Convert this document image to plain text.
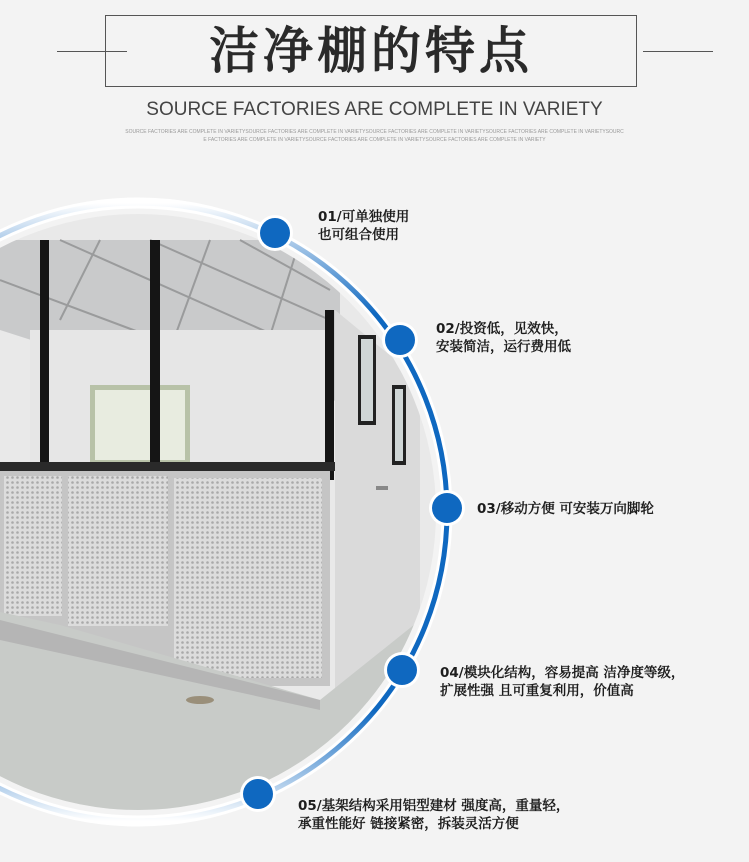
洁净棚的特点
SOURCE FACTORIES ARE COMPLETE IN VARIETY
SOURCE FACTORIES ARE COMPLETE IN VARIETYSOURCE FACTORIES ARE COMPLETE IN VARIETYSOURCE FACTORIES ARE COMPLETE IN VARIETYSOURCE FACTORIES ARE COMPLETE IN VARIETYSOURC
E FACTORIES ARE COMPLETE IN VARIETYSOURCE FACTORIES ARE COMPLETE IN VARIETYSOURCE FACTORIES ARE COMPLETE IN VARIETY
01/可单独使用
也可组合使用
02/投资低，见效快，
安装简洁，运行费用低
03/移动方便 可安装万向脚轮
04/模块化结构，容易提高 洁净度等级，
扩展性强 且可重复利用，价值高
05/基架结构采用铝型建材 强度高，重量轻，
承重性能好 链接紧密，拆装灵活方便
